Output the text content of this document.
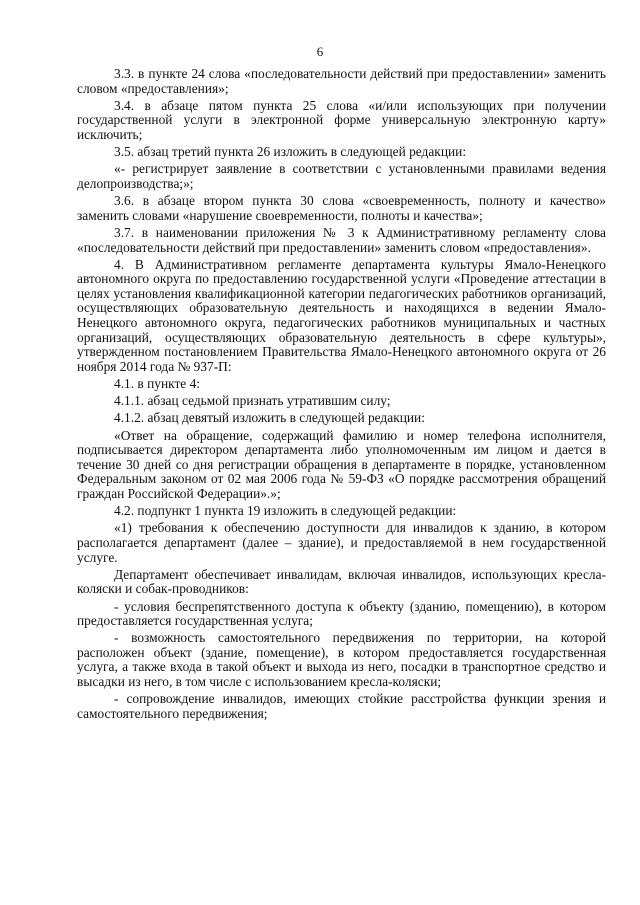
6

3.3. в пункте 24 слова «последовательности действий при предоставлении» заменить словом «предоставления»;

3.4. в абзаце пятом пункта 25 слова «и/или использующих при получении государственной услуги в электронной форме универсальную электронную карту» исключить;

3.5. абзац третий пункта 26 изложить в следующей редакции:

«- регистрирует заявление в соответствии с установленными правилами ведения делопроизводства;»;

3.6. в абзаце втором пункта 30 слова «своевременность, полноту и качество» заменить словами «нарушение своевременности, полноты и качества»;

3.7. в наименовании приложения № 3 к Административному регламенту слова «последовательности действий при предоставлении» заменить словом «предоставления».

4. В Административном регламенте департамента культуры Ямало-Ненецкого автономного округа по предоставлению государственной услуги «Проведение аттестации в целях установления квалификационной категории педагогических работников организаций, осуществляющих образовательную деятельность и находящихся в ведении Ямало-Ненецкого автономного округа, педагогических работников муниципальных и частных организаций, осуществляющих образовательную деятельность в сфере культуры», утвержденном постановлением Правительства Ямало-Ненецкого автономного округа от 26 ноября 2014 года № 937-П:

4.1. в пункте 4:

4.1.1. абзац седьмой признать утратившим силу;

4.1.2. абзац девятый изложить в следующей редакции:

«Ответ на обращение, содержащий фамилию и номер телефона исполнителя, подписывается директором департамента либо уполномоченным им лицом и дается в течение 30 дней со дня регистрации обращения в департаменте в порядке, установленном Федеральным законом от 02 мая 2006 года № 59-ФЗ «О порядке рассмотрения обращений граждан Российской Федерации».»;

4.2. подпункт 1 пункта 19 изложить в следующей редакции:

«1) требования к обеспечению доступности для инвалидов к зданию, в котором располагается департамент (далее – здание), и предоставляемой в нем государственной услуге.

Департамент обеспечивает инвалидам, включая инвалидов, использующих кресла-коляски и собак-проводников:

- условия беспрепятственного доступа к объекту (зданию, помещению), в котором предоставляется государственная услуга;

- возможность самостоятельного передвижения по территории, на которой расположен объект (здание, помещение), в котором предоставляется государственная услуга, а также входа в такой объект и выхода из него, посадки в транспортное средство и высадки из него, в том числе с использованием кресла-коляски;

- сопровождение инвалидов, имеющих стойкие расстройства функции зрения и самостоятельного передвижения;
